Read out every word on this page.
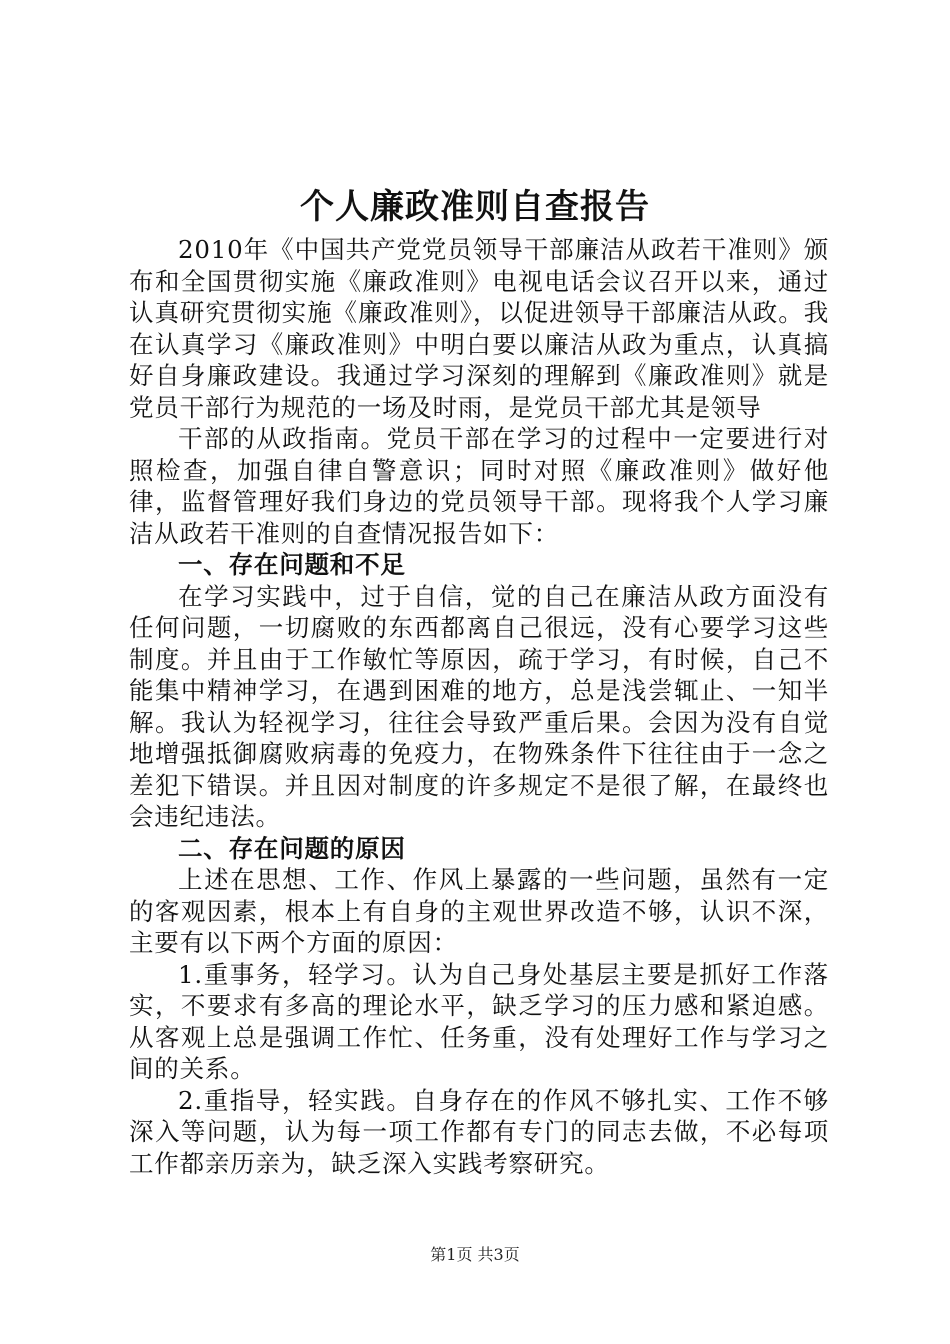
个人廉政准则自查报告

2010年《中国共产党党员领导干部廉洁从政若干准则》颁布和全国贯彻实施《廉政准则》电视电话会议召开以来，通过认真研究贯彻实施《廉政准则》，以促进领导干部廉洁从政。我在认真学习《廉政准则》中明白要以廉洁从政为重点，认真搞好自身廉政建设。我通过学习深刻的理解到《廉政准则》就是党员干部行为规范的一场及时雨，是党员干部尤其是领导

干部的从政指南。党员干部在学习的过程中一定要进行对照检查，加强自律自警意识；同时对照《廉政准则》做好他律，监督管理好我们身边的党员领导干部。现将我个人学习廉洁从政若干准则的自查情况报告如下：

一、存在问题和不足

在学习实践中，过于自信，觉的自己在廉洁从政方面没有任何问题，一切腐败的东西都离自己很远，没有心要学习这些制度。并且由于工作敏忙等原因，疏于学习，有时候，自己不能集中精神学习，在遇到困难的地方，总是浅尝辄止、一知半解。我认为轻视学习，往往会导致严重后果。会因为没有自觉地增强抵御腐败病毒的免疫力，在物殊条件下往往由于一念之差犯下错误。并且因对制度的许多规定不是很了解，在最终也会违纪违法。

二、存在问题的原因

上述在思想、工作、作风上暴露的一些问题，虽然有一定的客观因素，根本上有自身的主观世界改造不够，认识不深，主要有以下两个方面的原因：

1.重事务，轻学习。认为自己身处基层主要是抓好工作落实，不要求有多高的理论水平，缺乏学习的压力感和紧迫感。从客观上总是强调工作忙、任务重，没有处理好工作与学习之间的关系。

2.重指导，轻实践。自身存在的作风不够扎实、工作不够深入等问题，认为每一项工作都有专门的同志去做，不必每项工作都亲历亲为，缺乏深入实践考察研究。

第1页 共3页
